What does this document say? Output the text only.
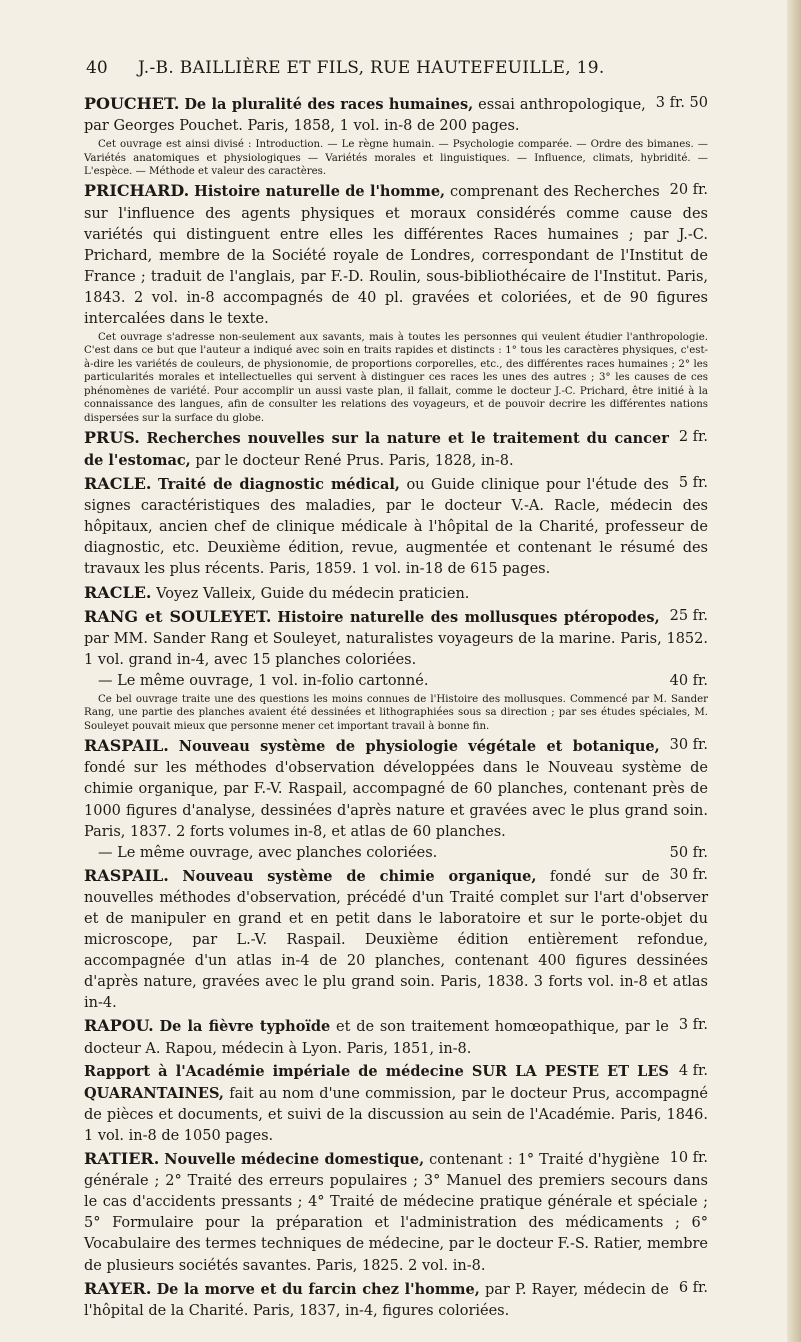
40 J.-B. BAILLIÈRE ET FILS, RUE HAUTEFEUILLE, 19.

3 fr. 50
POUCHET. De la pluralité des races humaines, essai anthropologique, par Georges Pouchet. Paris, 1858, 1 vol. in-8 de 200 pages.

Cet ouvrage est ainsi divisé : Introduction. — Le règne humain. — Psychologie comparée. — Ordre des bimanes. — Variétés anatomiques et physiologiques — Variétés morales et linguistiques. — Influence, climats, hybridité. — L'espèce. — Méthode et valeur des caractères.

20 fr.
PRICHARD. Histoire naturelle de l'homme, comprenant des Recherches sur l'influence des agents physiques et moraux considérés comme cause des variétés qui distinguent entre elles les différentes Races humaines ; par J.-C. Prichard, membre de la Société royale de Londres, correspondant de l'Institut de France ; traduit de l'anglais, par F.-D. Roulin, sous-bibliothécaire de l'Institut. Paris, 1843. 2 vol. in-8 accompagnés de 40 pl. gravées et coloriées, et de 90 figures intercalées dans le texte.

Cet ouvrage s'adresse non-seulement aux savants, mais à toutes les personnes qui veulent étudier l'anthropologie. C'est dans ce but que l'auteur a indiqué avec soin en traits rapides et distincts : 1° tous les caractères physiques, c'est-à-dire les variétés de couleurs, de physionomie, de proportions corporelles, etc., des différentes races humaines ; 2° les particularités morales et intellectuelles qui servent à distinguer ces races les unes des autres ; 3° les causes de ces phénomènes de variété. Pour accomplir un aussi vaste plan, il fallait, comme le docteur J.-C. Prichard, être initié à la connaissance des langues, afin de consulter les relations des voyageurs, et de pouvoir decrire les différentes nations dispersées sur la surface du globe.

2 fr.
PRUS. Recherches nouvelles sur la nature et le traitement du cancer de l'estomac, par le docteur René Prus. Paris, 1828, in-8.

5 fr.
RACLE. Traité de diagnostic médical, ou Guide clinique pour l'étude des signes caractéristiques des maladies, par le docteur V.-A. Racle, médecin des hôpitaux, ancien chef de clinique médicale à l'hôpital de la Charité, professeur de diagnostic, etc. Deuxième édition, revue, augmentée et contenant le résumé des travaux les plus récents. Paris, 1859. 1 vol. in-18 de 615 pages.

RACLE. Voyez Valleix, Guide du médecin praticien.

25 fr.
RANG et SOULEYET. Histoire naturelle des mollusques ptéropodes, par MM. Sander Rang et Souleyet, naturalistes voyageurs de la marine. Paris, 1852. 1 vol. grand in-4, avec 15 planches coloriées.

40 fr.
— Le même ouvrage, 1 vol. in-folio cartonné.

Ce bel ouvrage traite une des questions les moins connues de l'Histoire des mollusques. Commencé par M. Sander Rang, une partie des planches avaient été dessinées et lithographiées sous sa direction ; par ses études spéciales, M. Souleyet pouvait mieux que personne mener cet important travail à bonne fin.

30 fr.
RASPAIL. Nouveau système de physiologie végétale et botanique, fondé sur les méthodes d'observation développées dans le Nouveau système de chimie organique, par F.-V. Raspail, accompagné de 60 planches, contenant près de 1000 figures d'analyse, dessinées d'après nature et gravées avec le plus grand soin. Paris, 1837. 2 forts volumes in-8, et atlas de 60 planches.

50 fr.
— Le même ouvrage, avec planches coloriées.

30 fr.
RASPAIL. Nouveau système de chimie organique, fondé sur de nouvelles méthodes d'observation, précédé d'un Traité complet sur l'art d'observer et de manipuler en grand et en petit dans le laboratoire et sur le porte-objet du microscope, par L.-V. Raspail. Deuxième édition entièrement refondue, accompagnée d'un atlas in-4 de 20 planches, contenant 400 figures dessinées d'après nature, gravées avec le plu grand soin. Paris, 1838. 3 forts vol. in-8 et atlas in-4.

3 fr.
RAPOU. De la fièvre typhoïde et de son traitement homœopathique, par le docteur A. Rapou, médecin à Lyon. Paris, 1851, in-8.

4 fr.
Rapport à l'Académie impériale de médecine SUR LA PESTE ET LES QUARANTAINES, fait au nom d'une commission, par le docteur Prus, accompagné de pièces et documents, et suivi de la discussion au sein de l'Académie. Paris, 1846. 1 vol. in-8 de 1050 pages.

10 fr.
RATIER. Nouvelle médecine domestique, contenant : 1° Traité d'hygiène générale ; 2° Traité des erreurs populaires ; 3° Manuel des premiers secours dans le cas d'accidents pressants ; 4° Traité de médecine pratique générale et spéciale ; 5° Formulaire pour la préparation et l'administration des médicaments ; 6° Vocabulaire des termes techniques de médecine, par le docteur F.-S. Ratier, membre de plusieurs sociétés savantes. Paris, 1825. 2 vol. in-8.

6 fr.
RAYER. De la morve et du farcin chez l'homme, par P. Rayer, médecin de l'hôpital de la Charité. Paris, 1837, in-4, figures coloriées.
